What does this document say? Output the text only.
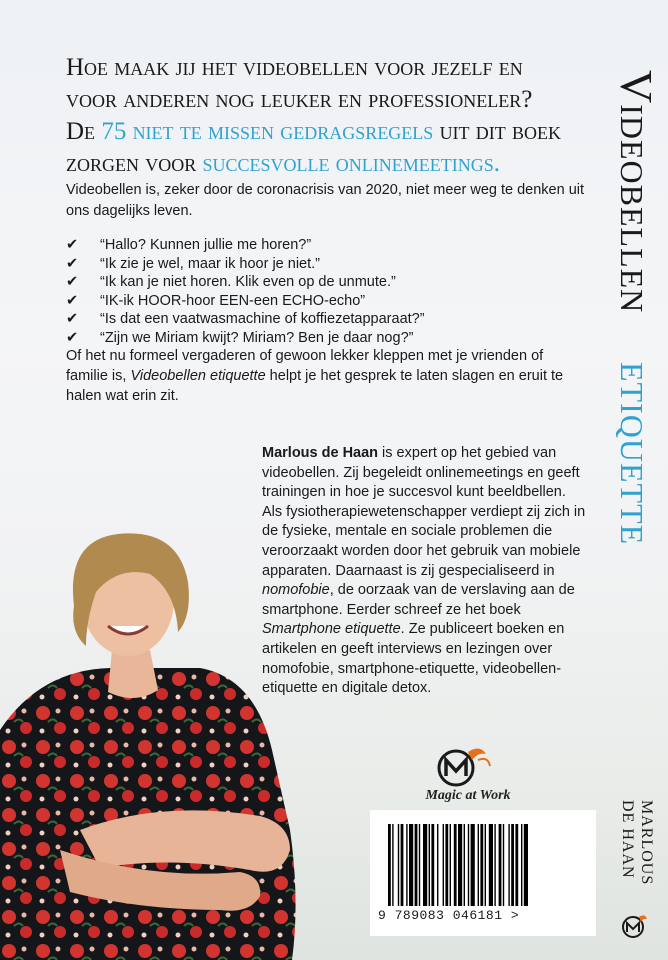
Hoe maak jij het videobellen voor jezelf en
voor anderen nog leuker en professioneler?
De 75 niet te missen gedragsregels uit dit boek
zorgen voor succesvolle onlinemeetings.
Videobellen is, zeker door de coronacrisis van 2020, niet meer weg te denken uit ons dagelijks leven.
✔	“Hallo? Kunnen jullie me horen?”
✔	“Ik zie je wel, maar ik hoor je niet.”
✔	“Ik kan je niet horen. Klik even op de unmute.”
✔	“IK-ik HOOR-hoor EEN-een ECHO-echo”
✔	“Is dat een vaatwasmachine of koffiezetapparaat?”
✔	“Zijn we Miriam kwijt? Miriam? Ben je daar nog?”
Of het nu formeel vergaderen of gewoon lekker kleppen met je vrienden of familie is, Videobellen etiquette helpt je het gesprek te laten slagen en eruit te halen wat erin zit.
Marlous de Haan is expert op het gebied van videobellen. Zij begeleidt onlinemeetings en geeft trainingen in hoe je succesvol kunt beeldbellen. Als fysiotherapiewetenschapper verdiept zij zich in de fysieke, mentale en sociale problemen die veroorzaakt worden door het gebruik van mobiele apparaten. Daarnaast is zij gespecialiseerd in nomofobie, de oorzaak van de verslaving aan de smartphone. Eerder schreef ze het boek Smartphone etiquette. Ze publiceert boeken en artikelen en geeft interviews en lezingen over nomofobie, smartphone-etiquette, videobellen-etiquette en digitale detox.
Magic at Work
9 789083 046181 >
Videobellen etiquette
MARLOUS
DE HAAN
